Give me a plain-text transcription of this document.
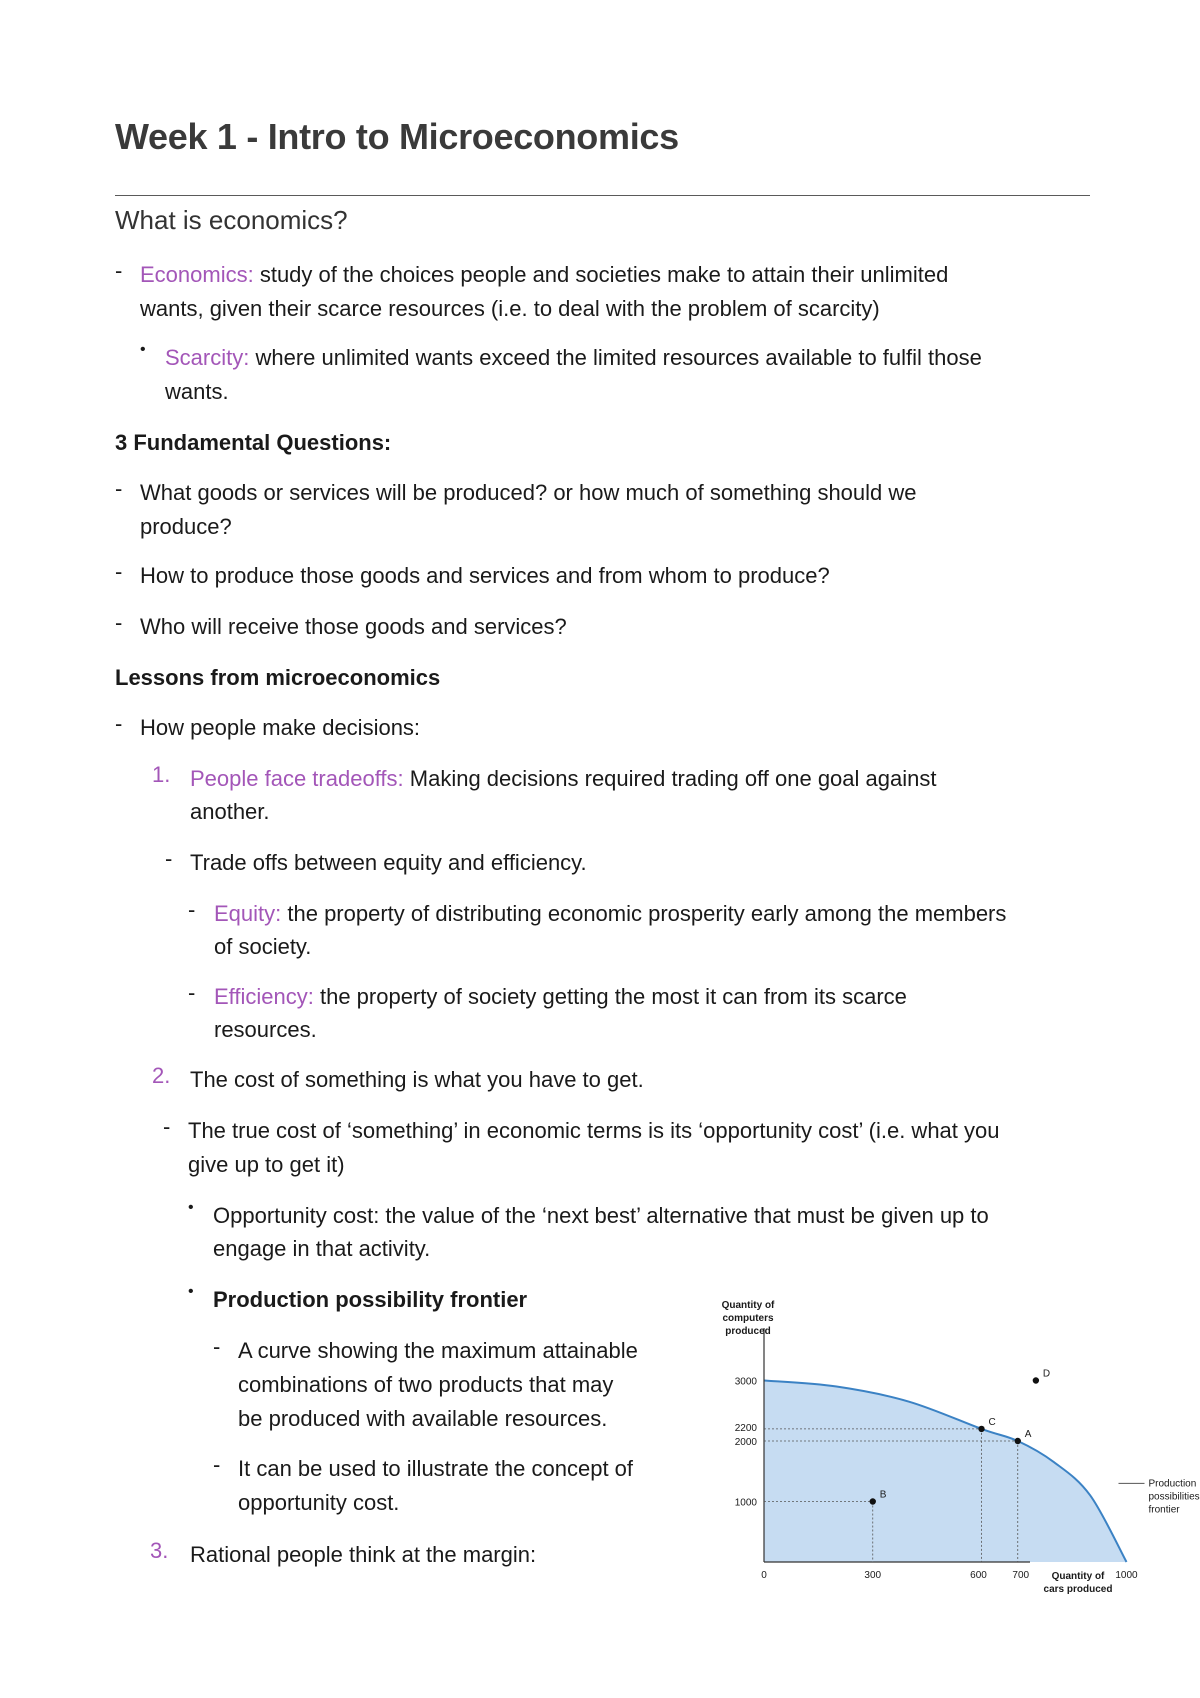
Week 1 - Intro to Microeconomics
What is economics?
- Economics: study of the choices people and societies make to attain their unlimited
wants, given their scarce resources (i.e. to deal with the problem of scarcity)
• Scarcity: where unlimited wants exceed the limited resources available to fulfil those
wants.
3 Fundamental Questions:
- What goods or services will be produced? or how much of something should we
produce?
- How to produce those goods and services and from whom to produce?
- Who will receive those goods and services?
Lessons from microeconomics
- How people make decisions:
1. People face tradeoffs: Making decisions required trading off one goal against
another.
- Trade offs between equity and efficiency.
- Equity: the property of distributing economic prosperity early among the members
of society.
- Efficiency: the property of society getting the most it can from its scarce
resources.
2. The cost of something is what you have to get.
- The true cost of ‘something’ in economic terms is its ‘opportunity cost’ (i.e. what you
give up to get it)
• Opportunity cost: the value of the ‘next best’ alternative that must be given up to
engage in that activity.
• Production possibility frontier
- A curve showing the maximum attainable
combinations of two products that may
be produced with available resources.
- It can be used to illustrate the concept of
opportunity cost.
3. Rational people think at the margin:
Quantity of
computers
produced
Quantity of
cars produced
1000
2000
2200
3000
0	300	600	700	1000
A
B
C
D
Production
possibilities
frontier
